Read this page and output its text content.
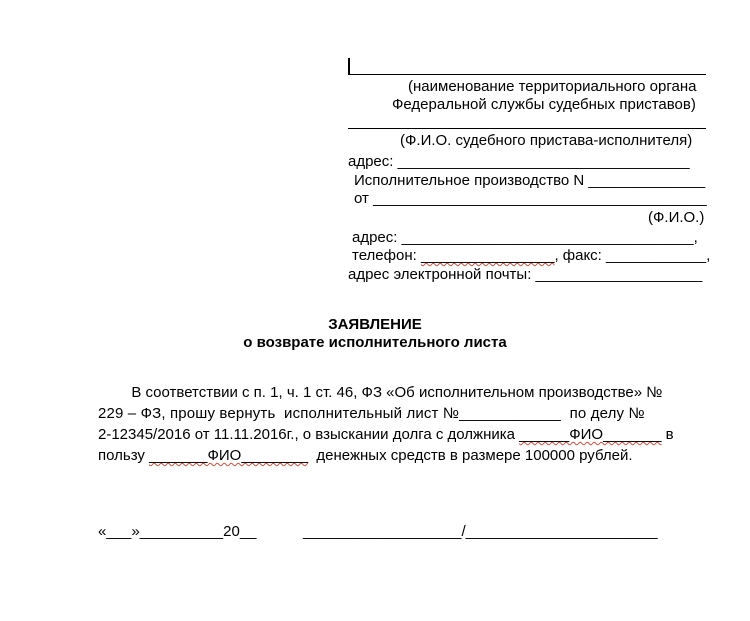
(наименование территориального органа
Федеральной службы судебных приставов)
(Ф.И.О. судебного пристава-исполнителя)
адрес: ___________________________________
Исполнительное производство N ______________
от ________________________________________
(Ф.И.О.)
адрес: ___________________________________,
телефон: ________________, факс: ____________,
адрес электронной почты: ____________________
ЗАЯВЛЕНИЕ
о возврате исполнительного листа
В соответствии с п. 1, ч. 1 ст. 46, ФЗ «Об исполнительном производстве» №
229 – ФЗ, прошу вернуть  исполнительный лист №____________  по делу №
2-12345/2016 от 11.11.2016г., о взыскании долга с должника ______ФИО_______ в
пользу _______ФИО________  денежных средств в размере 100000 рублей.
«___»__________20__	___________________/_______________________
